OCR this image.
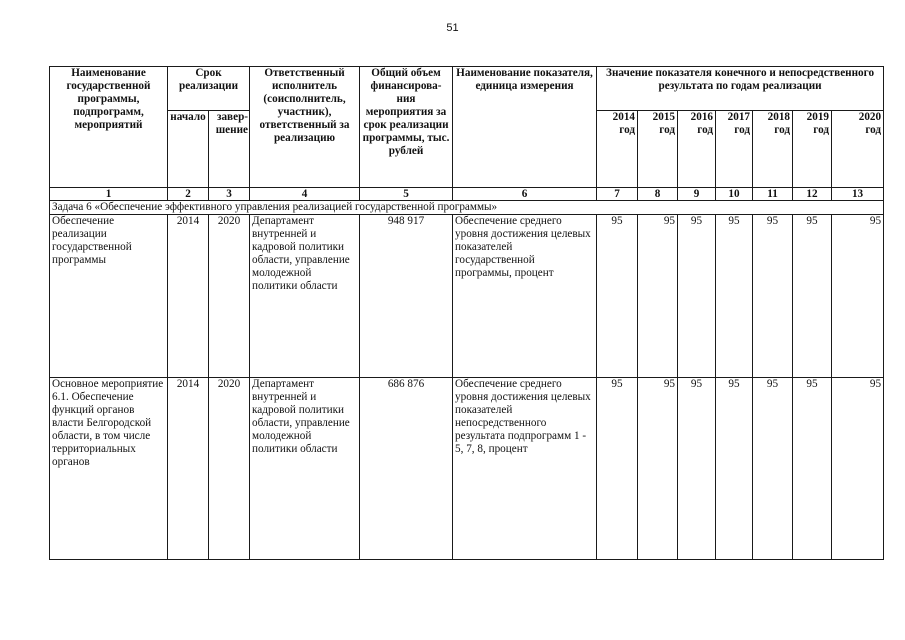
51
Наименование государственной программы, подпрограмм, мероприятий	Срок реализации		Ответственный исполнитель (соисполнитель, участник), ответственный за реализацию	Общий объем финансирова-ния мероприятия за срок реализации программы, тыс. рублей	Наименование показателя, единица измерения	Значение показателя конечного и непосредственного результата по годам реализации						
	начало	завер-
шение				2014
год	2015
год	2016
год	2017
год	2018
год	2019
год	2020
год

1	2	3	4	5	6	7	8	9	10	11	12	13
Задача 6 «Обеспечение эффективного управления реализацией государственной программы»												
Обеспечение реализации государственной программы	2014	2020	Департамент внутренней и кадровой политики области, управление молодежной политики области	948 917	Обеспечение среднего уровня достижения целевых показателей государственной программы, процент	95	95	95	95	95	95	95
Основное мероприятие 6.1. Обеспечение функций органов власти Белгородской области, в том числе территориальных органов	2014	2020	Департамент внутренней и кадровой политики области, управление молодежной политики области	686 876	Обеспечение среднего уровня достижения целевых показателей непосредственного результата подпрограмм 1 - 5, 7, 8, процент	95	95	95	95	95	95	95
